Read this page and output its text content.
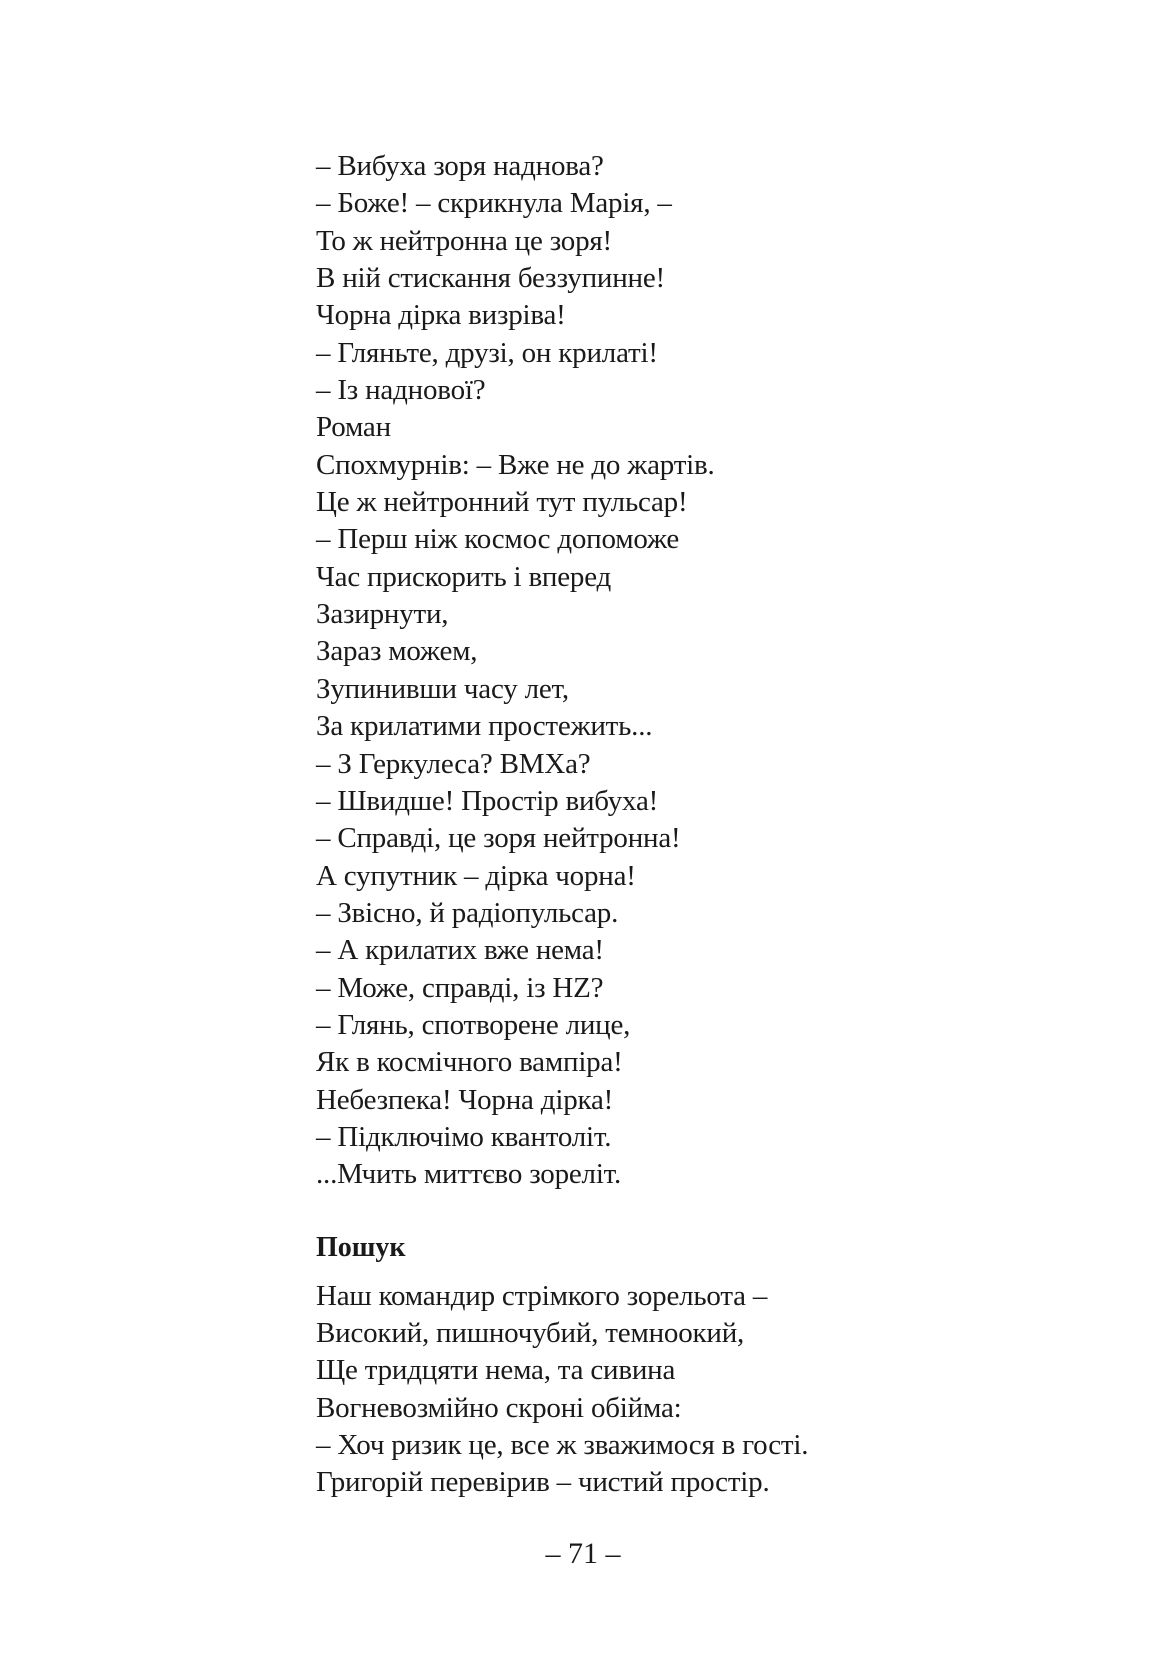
– Вибуха зоря наднова?
– Боже! – скрикнула Марія, –
То ж нейтронна це зоря!
В ній стискання беззупинне!
Чорна дірка визріва!
– Гляньте, друзі, он крилаті!
– Із наднової?
Роман
Спохмурнів: – Вже не до жартів.
Це ж нейтронний тут пульсар!
– Перш ніж космос допоможе
Час прискорить і вперед
Зазирнути,
Зараз можем,
Зупинивши часу лет,
За крилатими простежить...
– З Геркулеса? ВМХа?
– Швидше! Простір вибуха!
– Справді, це зоря нейтронна!
А супутник – дірка чорна!
– Звісно, й радіопульсар.
– А крилатих вже нема!
– Може, справді, із HZ?
– Глянь, спотворене лице,
Як в космічного вампіра!
Небезпека! Чорна дірка!
– Підключімо квантоліт.
...Мчить миттєво зореліт.
Пошук
Наш командир стрімкого зорельота –
Високий, пишночубий, темноокий,
Ще тридцяти нема, та сивина
Вогневозмійно скроні обійма:
– Хоч ризик це, все ж зважимося в гості.
Григорій перевірив – чистий простір.
– 71 –
